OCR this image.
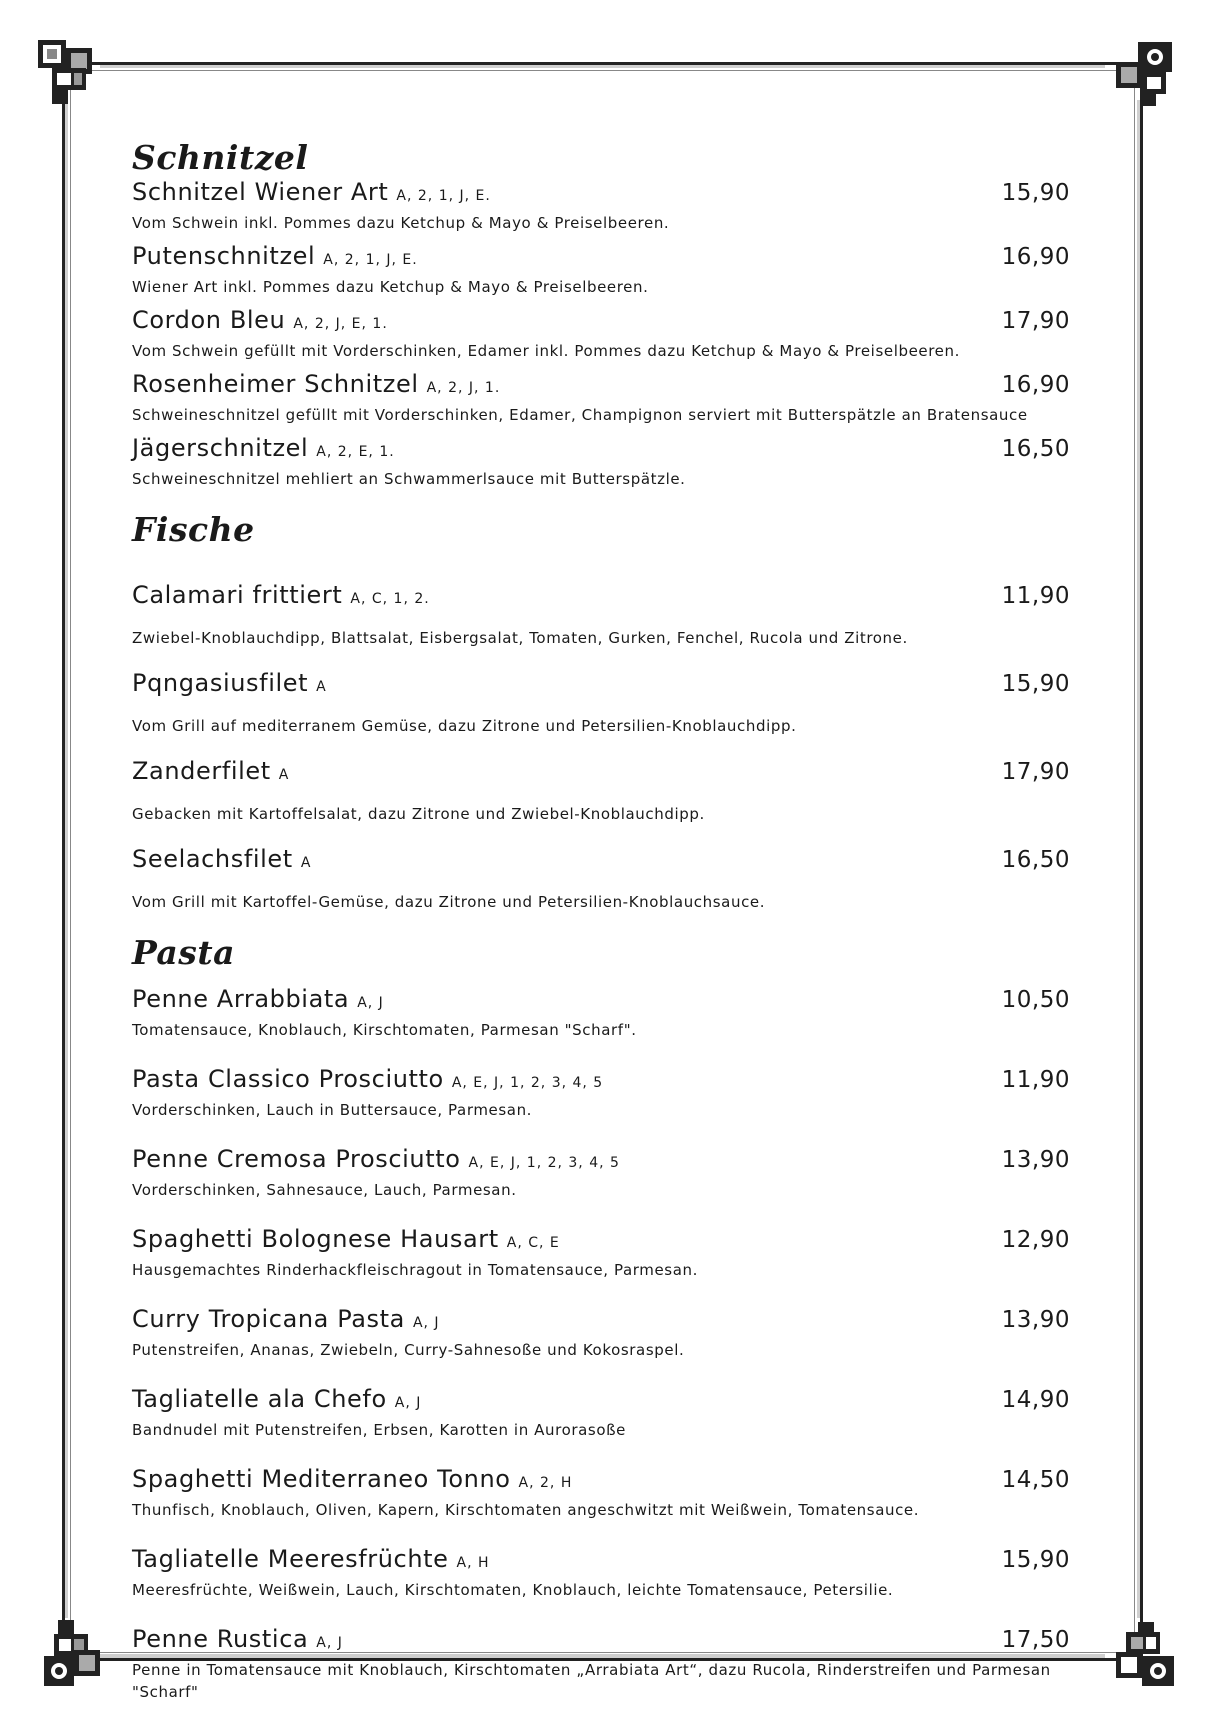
Schnitzel
Schnitzel Wiener Art A, 2, 1, J, E.	15,90
Vom Schwein inkl. Pommes dazu Ketchup & Mayo & Preiselbeeren.
Putenschnitzel A, 2, 1, J, E.	16,90
Wiener Art inkl. Pommes dazu Ketchup & Mayo & Preiselbeeren.
Cordon Bleu A, 2, J, E, 1.	17,90
Vom Schwein gefüllt mit Vorderschinken, Edamer inkl. Pommes dazu Ketchup & Mayo & Preiselbeeren.
Rosenheimer Schnitzel A, 2, J, 1.	16,90
Schweineschnitzel gefüllt mit Vorderschinken, Edamer, Champignon serviert mit Butterspätzle an Bratensauce
Jägerschnitzel A, 2, E, 1.	16,50
Schweineschnitzel mehliert an Schwammerlsauce mit Butterspätzle.
Fische
Calamari frittiert A, C, 1, 2.	11,90
Zwiebel-Knoblauchdipp, Blattsalat, Eisbergsalat, Tomaten, Gurken, Fenchel, Rucola und Zitrone.
Pqngasiusfilet A	15,90
Vom Grill auf mediterranem Gemüse, dazu Zitrone und Petersilien-Knoblauchdipp.
Zanderfilet A	17,90
Gebacken mit Kartoffelsalat, dazu Zitrone und Zwiebel-Knoblauchdipp.
Seelachsfilet A	16,50
Vom Grill mit Kartoffel-Gemüse, dazu Zitrone und Petersilien-Knoblauchsauce.
Pasta
Penne Arrabbiata A, J	10,50
Tomatensauce, Knoblauch, Kirschtomaten, Parmesan "Scharf".
Pasta Classico Prosciutto A, E, J, 1, 2, 3, 4, 5	11,90
Vorderschinken, Lauch in Buttersauce, Parmesan.
Penne Cremosa Prosciutto A, E, J, 1, 2, 3, 4, 5	13,90
Vorderschinken, Sahnesauce, Lauch, Parmesan.
Spaghetti Bolognese Hausart A, C, E	12,90
Hausgemachtes Rinderhackfleischragout in Tomatensauce, Parmesan.
Curry Tropicana Pasta A, J	13,90
Putenstreifen, Ananas, Zwiebeln, Curry-Sahnesoße und Kokosraspel.
Tagliatelle ala Chefo A, J	14,90
Bandnudel mit Putenstreifen, Erbsen, Karotten in Aurorasoße
Spaghetti Mediterraneo Tonno A, 2, H	14,50
Thunfisch, Knoblauch, Oliven, Kapern, Kirschtomaten angeschwitzt mit Weißwein, Tomatensauce.
Tagliatelle Meeresfrüchte A, H	15,90
Meeresfrüchte, Weißwein, Lauch, Kirschtomaten, Knoblauch, leichte Tomatensauce, Petersilie.
Penne Rustica A, J	17,50
Penne in Tomatensauce mit Knoblauch, Kirschtomaten „Arrabiata Art“, dazu Rucola, Rinderstreifen und Parmesan "Scharf"
